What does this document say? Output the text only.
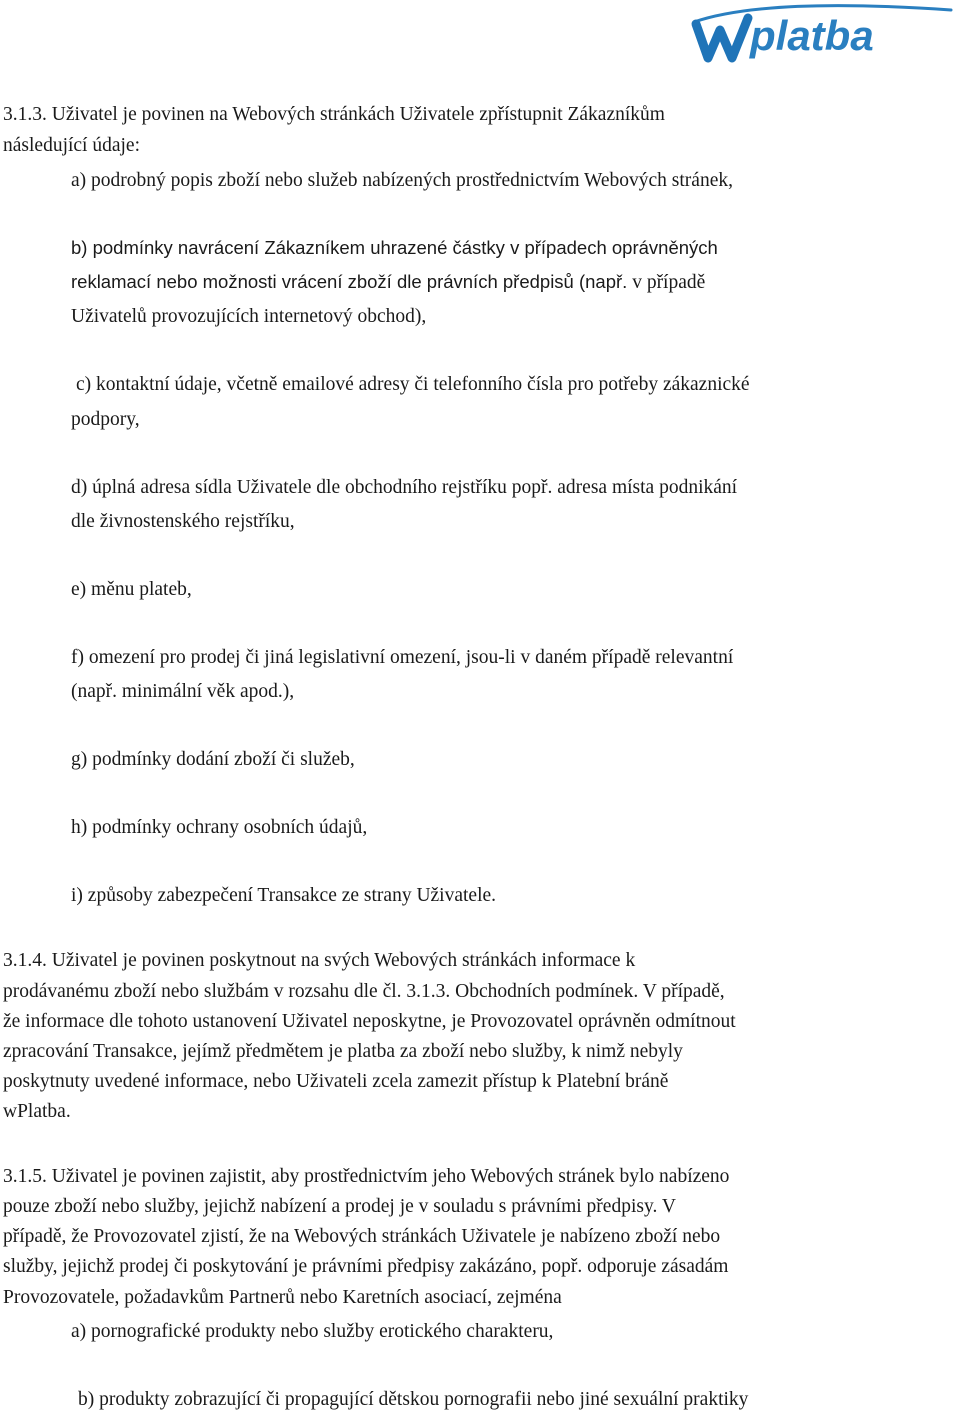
platba
3.1.3. Uživatel je povinen na Webových stránkách Uživatele zpřístupnit Zákazníkům
následující údaje:
a) podrobný popis zboží nebo služeb nabízených prostřednictvím Webových stránek,
b) podmínky navrácení Zákazníkem uhrazené částky v případech oprávněných
reklamací nebo možnosti vrácení zboží dle právních předpisů (např. v případě
Uživatelů provozujících internetový obchod),
c) kontaktní údaje, včetně emailové adresy či telefonního čísla pro potřeby zákaznické
podpory,
d) úplná adresa sídla Uživatele dle obchodního rejstříku popř. adresa místa podnikání
dle živnostenského rejstříku,
e) měnu plateb,
f) omezení pro prodej či jiná legislativní omezení, jsou-li v daném případě relevantní
(např. minimální věk apod.),
g) podmínky dodání zboží či služeb,
h) podmínky ochrany osobních údajů,
i) způsoby zabezpečení Transakce ze strany Uživatele.
3.1.4. Uživatel je povinen poskytnout na svých Webových stránkách informace k
prodávanému zboží nebo službám v rozsahu dle čl. 3.1.3. Obchodních podmínek. V případě,
že informace dle tohoto ustanovení Uživatel neposkytne, je Provozovatel oprávněn odmítnout
zpracování Transakce, jejímž předmětem je platba za zboží nebo služby, k nimž nebyly
poskytnuty uvedené informace, nebo Uživateli zcela zamezit přístup k Platební bráně
wPlatba.
3.1.5. Uživatel je povinen zajistit, aby prostřednictvím jeho Webových stránek bylo nabízeno
pouze zboží nebo služby, jejichž nabízení a prodej je v souladu s právními předpisy. V
případě, že Provozovatel zjistí, že na Webových stránkách Uživatele je nabízeno zboží nebo
služby, jejichž prodej či poskytování je právními předpisy zakázáno, popř. odporuje zásadám
Provozovatele, požadavkům Partnerů nebo Karetních asociací, zejména
a) pornografické produkty nebo služby erotického charakteru,
b) produkty zobrazující či propagující dětskou pornografii nebo jiné sexuální praktiky
